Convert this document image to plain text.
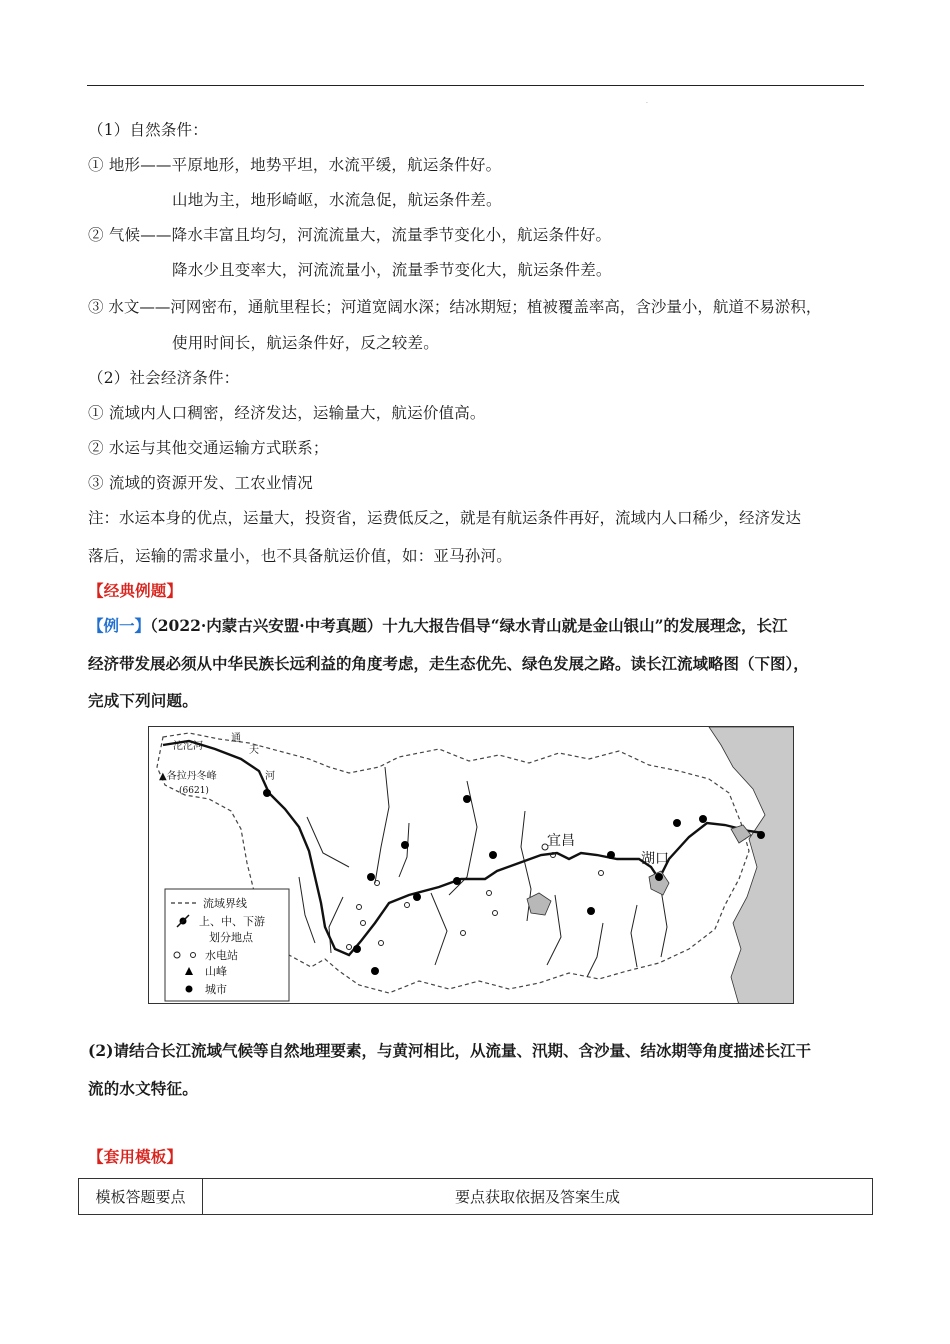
.
（1）自然条件：
① 地形——平原地形，地势平坦，水流平缓，航运条件好。
山地为主，地形崎岖，水流急促，航运条件差。
② 气候——降水丰富且均匀，河流流量大，流量季节变化小，航运条件好。
降水少且变率大，河流流量小，流量季节变化大，航运条件差。
③ 水文——河网密布，通航里程长；河道宽阔水深；结冰期短；植被覆盖率高，含沙量小，航道不易淤积，
使用时间长，航运条件好，反之较差。
（2）社会经济条件：
① 流域内人口稠密，经济发达，运输量大，航运价值高。
② 水运与其他交通运输方式联系；
③ 流域的资源开发、工农业情况
注：水运本身的优点，运量大，投资省，运费低反之，就是有航运条件再好，流域内人口稀少，经济发达
落后，运输的需求量小，也不具备航运价值，如：亚马孙河。
【经典例题】
【例一】（2022·内蒙古兴安盟·中考真题）十九大报告倡导“绿水青山就是金山银山”的发展理念，长江
经济带发展必须从中华民族长远利益的角度考虑，走生态优先、绿色发展之路。读长江流域略图（下图），
完成下列问题。
沱沱河
通
天
河
▲各拉丹冬峰
(6621)
宜昌
湖口
流域界线
上、中、下游
划分地点
水电站
山峰
城市
(2)请结合长江流域气候等自然地理要素，与黄河相比，从流量、汛期、含沙量、结冰期等角度描述长江干
流的水文特征。
【套用模板】
模板答题要点	要点获取依据及答案生成
